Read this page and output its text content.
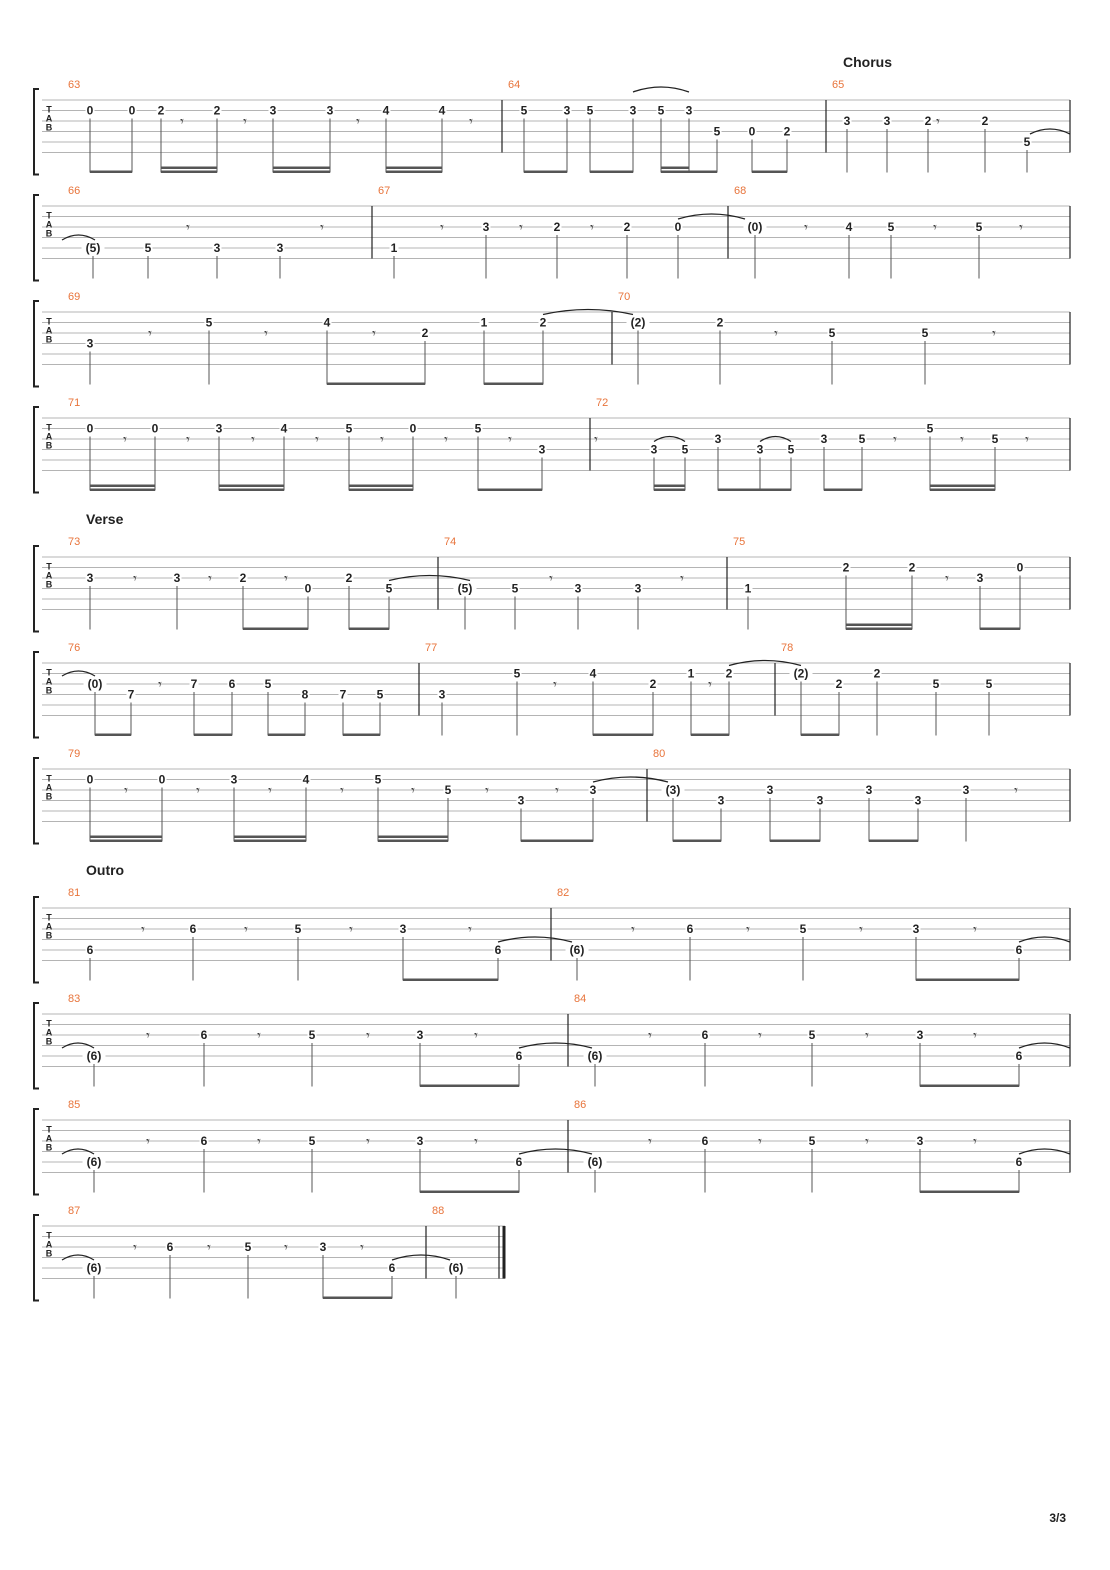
Chorus
T
A
B
63
0	0 2	2	3	3	4	4
64
5	3 5	3 5 3
5 0 2
65
3	3	2	2
5
𝄾	𝄾	𝄾	𝄾	𝄾
T
A
B
66
(5)	5	3	3
67
1
3	2	2	0
68
(0)	4	5	5
𝄾	𝄾	𝄾	𝄾	𝄾	𝄾	𝄾	𝄾
T
A
B
69
3
5	4
2
1	2
70
(2)	2
5	5
𝄾	𝄾	𝄾	𝄾	𝄾
T
A
B
71
0	0	3	4	5	0	5
3
72
3 5
3
3 5
3	5
5
5
𝄾	𝄾	𝄾	𝄾	𝄾	𝄾	𝄾	𝄾	𝄾	𝄾
𝄾
Verse
T
A
B
73
3	3	2
0
2
5
74
(5)	5	3	3
75
1
2	2
3
0
𝄾	𝄾	𝄾	𝄾	𝄾	𝄾
T
A
B
76
(0)
7
7	6 5
8	7	5
77
3
5	4
2
1	2
78
(2)
2
2
5	5
𝄾	𝄾	𝄾
T
A
B
79
0	0	3	4	5
5
3
3
80
(3)
3
3
3
3
3
3
𝄾	𝄾	𝄾	𝄾	𝄾	𝄾	𝄾	𝄾
Outro
T
A
B
81
6
6	5	3
6
82
(6)
6	5	3
6
𝄾	𝄾	𝄾	𝄾	𝄾	𝄾	𝄾	𝄾
T
A
B
83
(6)
6	5	3
6
84
(6)
6	5	3
6
𝄾	𝄾	𝄾	𝄾	𝄾	𝄾	𝄾	𝄾
T
A
B
85
(6)
6	5	3
6
86
(6)
6	5	3
6
𝄾	𝄾	𝄾	𝄾	𝄾	𝄾	𝄾	𝄾
T
A
B
87
(6)
6	5	3
6
88
(6)
𝄾	𝄾	𝄾	𝄾
3/3
